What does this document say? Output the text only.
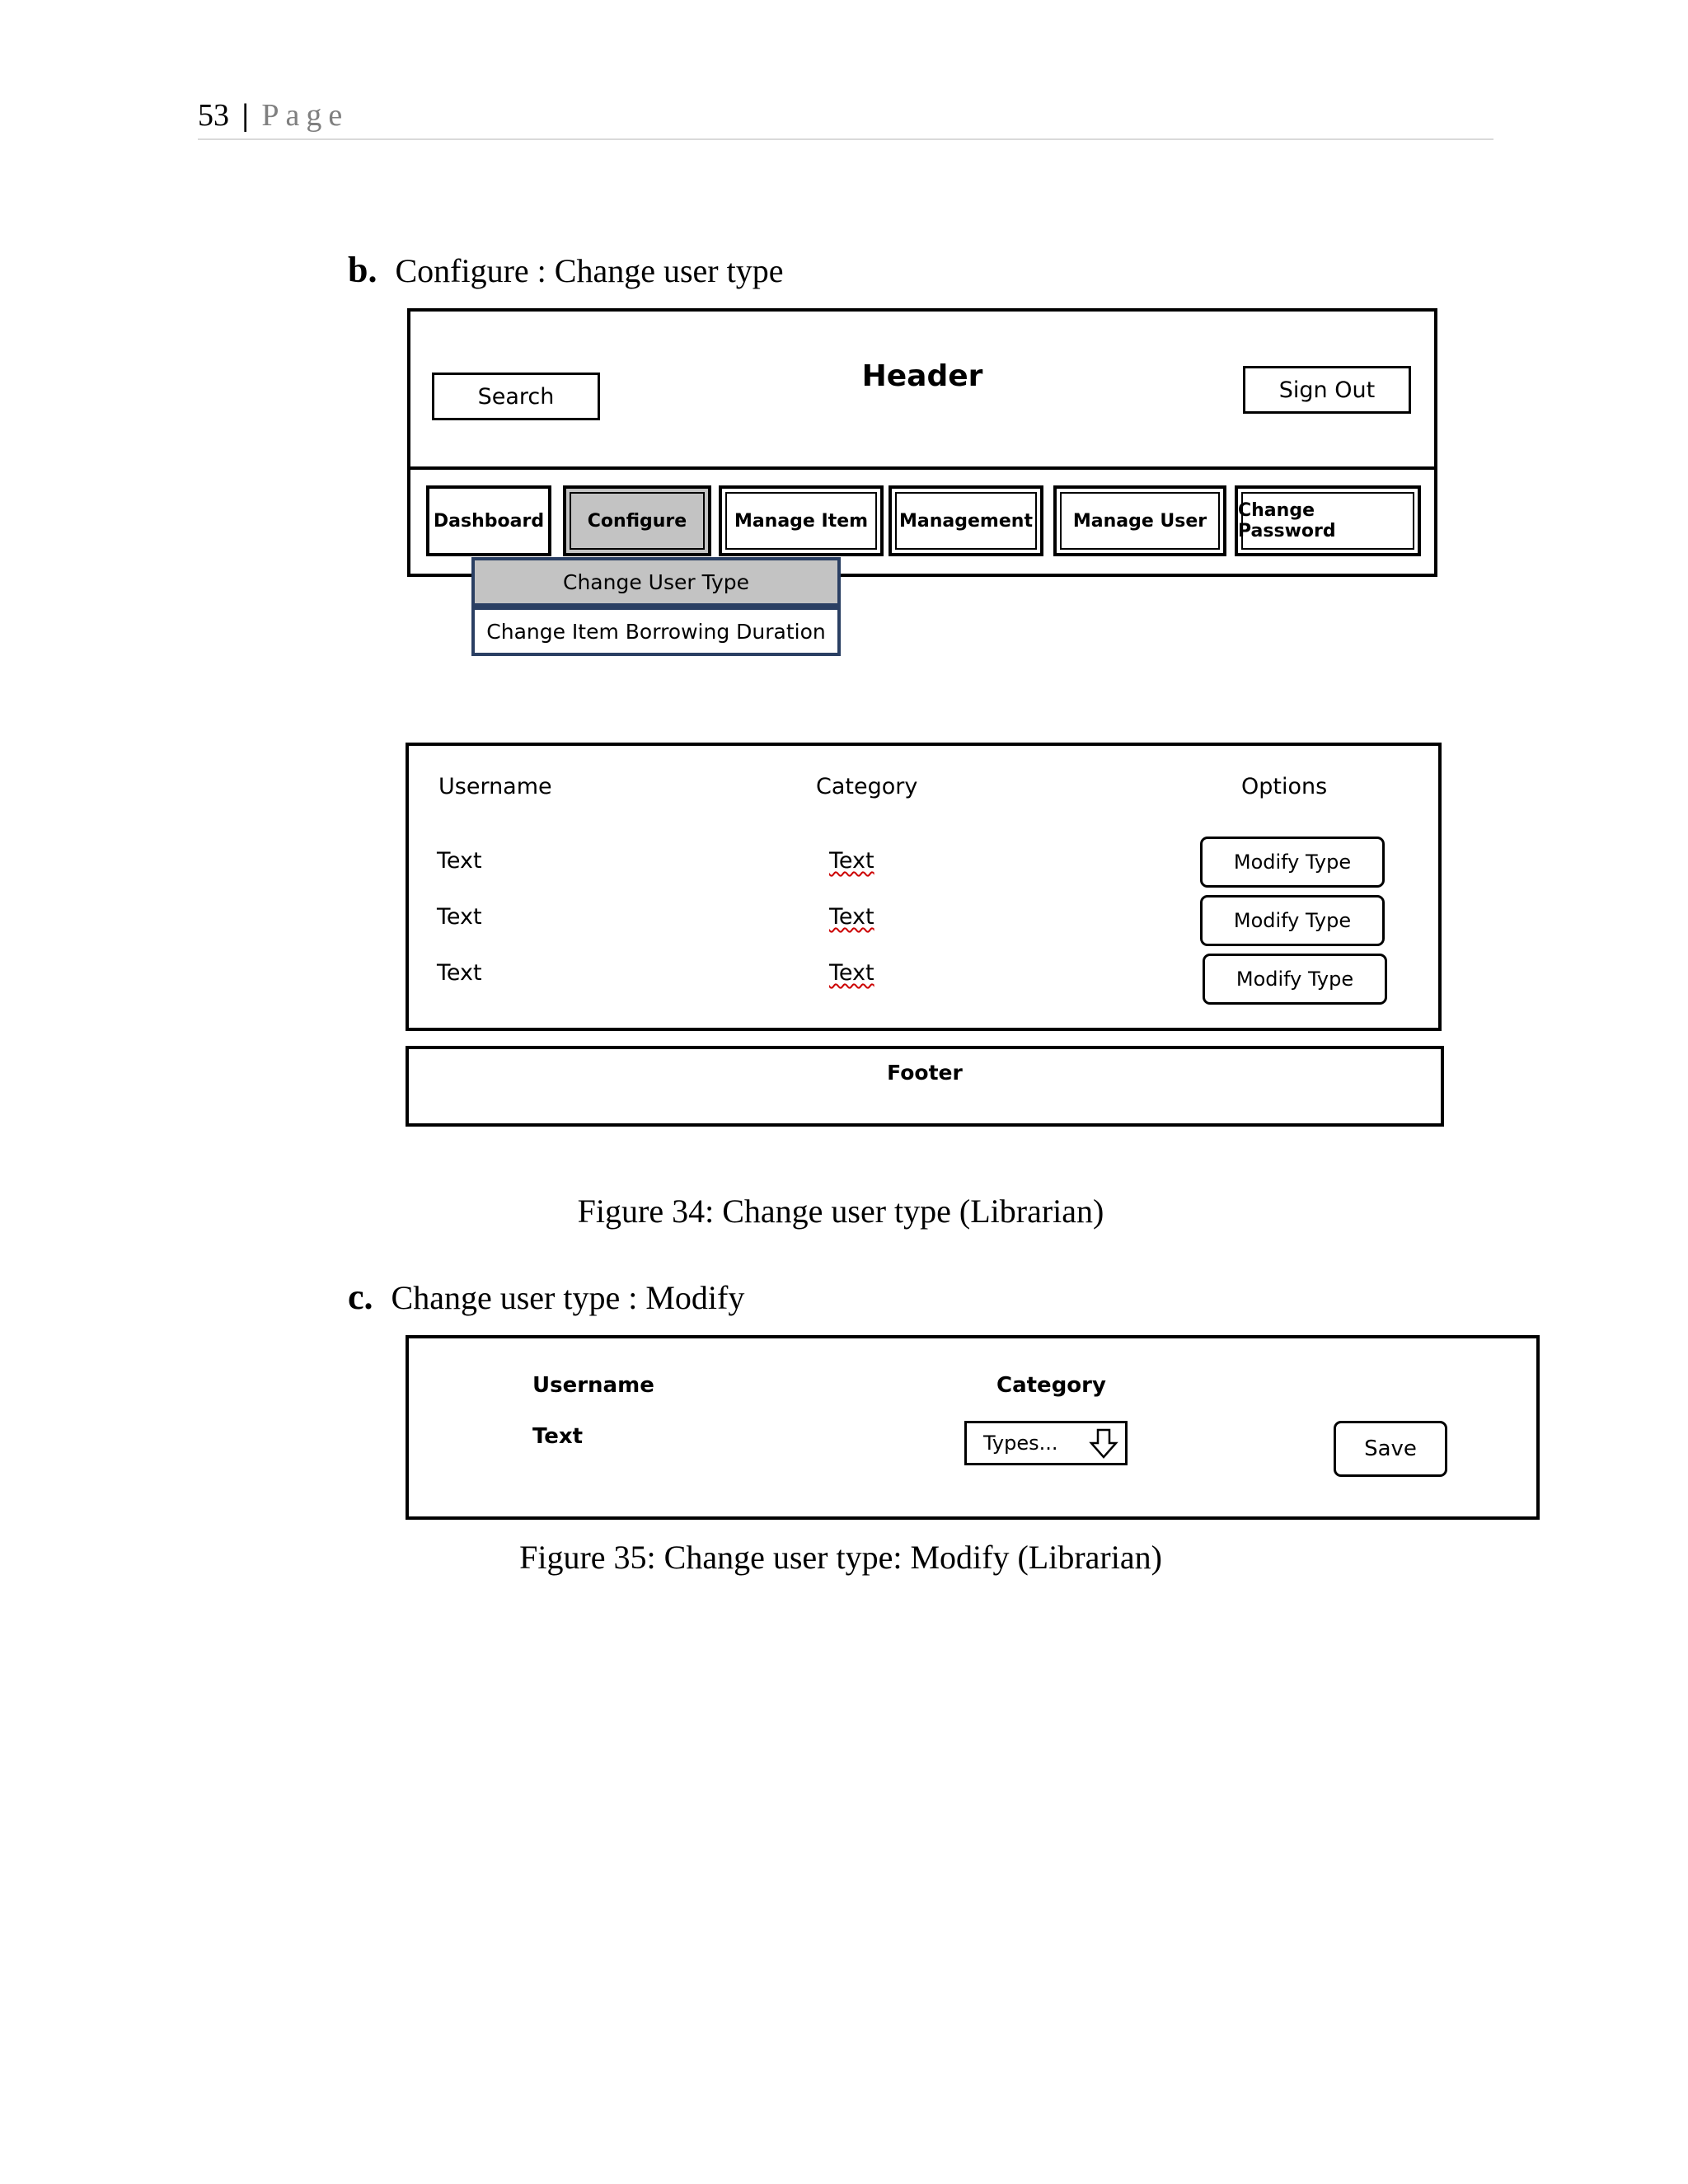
53 | Page
b. Configure : Change user type
Search
Header	Sign Out
Dashboard Configure	Manage Item Management Manage User Change Password
Change User Type
Change Item Borrowing Duration
Username	Category	Options
Text	Text	Modify Type
Text	Text	Modify Type
Text	Text	Modify Type
Footer
Figure 34: Change user type (Librarian)
c. Change user type : Modify
Username	Category
Text	Types...	Save
Figure 35: Change user type: Modify (Librarian)
